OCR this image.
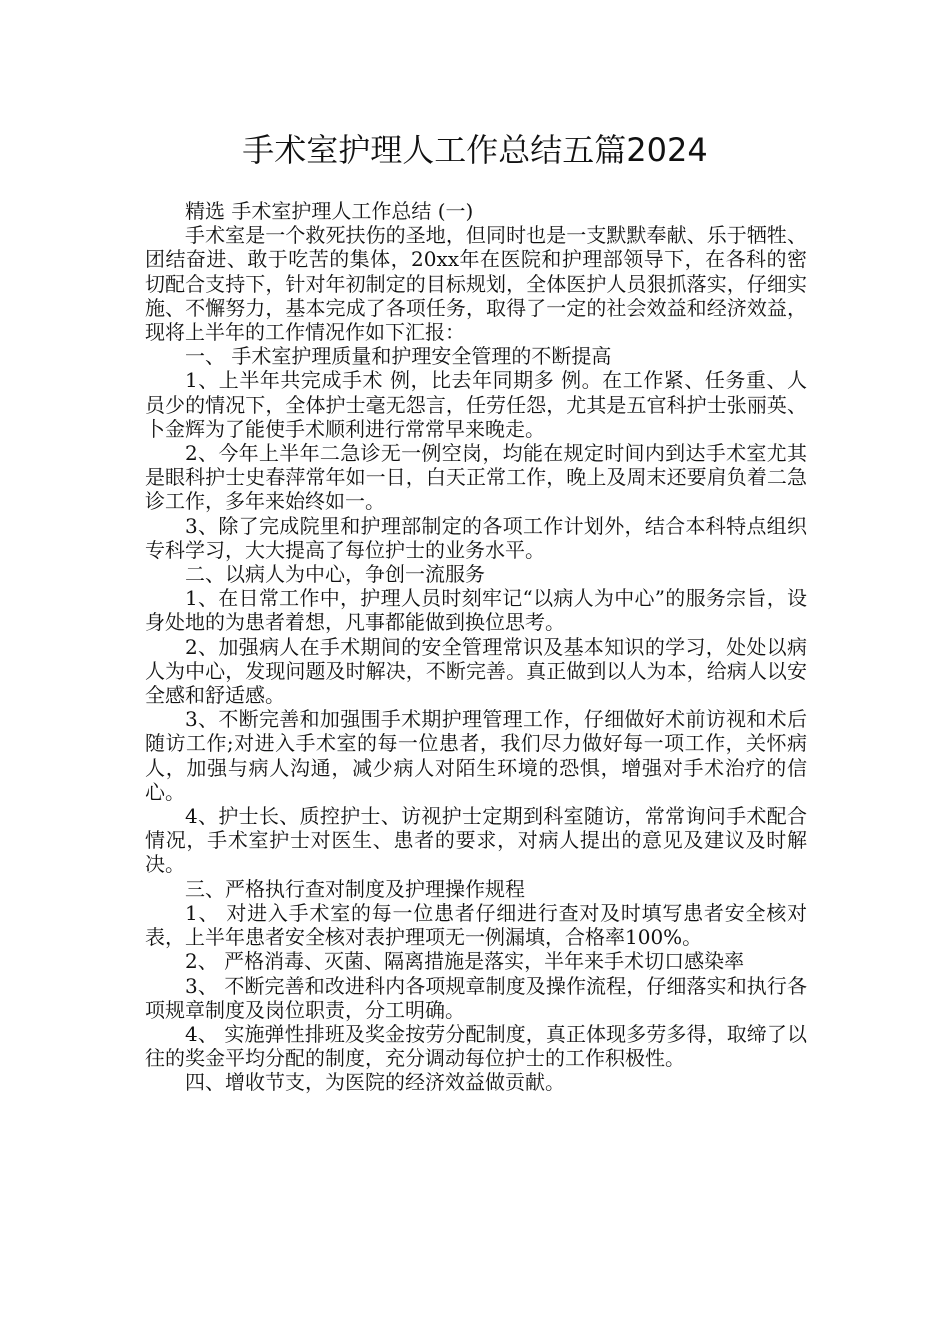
手术室护理人工作总结五篇2024

精选 手术室护理人工作总结 (一)

手术室是一个救死扶伤的圣地，但同时也是一支默默奉献、乐于牺牲、团结奋进、敢于吃苦的集体，20xx年在医院和护理部领导下，在各科的密切配合支持下，针对年初制定的目标规划，全体医护人员狠抓落实，仔细实施、不懈努力，基本完成了各项任务，取得了一定的社会效益和经济效益，现将上半年的工作情况作如下汇报：

一、 手术室护理质量和护理安全管理的不断提高

1、上半年共完成手术 例，比去年同期多 例。在工作紧、任务重、人员少的情况下，全体护士毫无怨言，任劳任怨，尤其是五官科护士张丽英、卜金辉为了能使手术顺利进行常常早来晚走。

2、今年上半年二急诊无一例空岗，均能在规定时间内到达手术室尤其是眼科护士史春萍常年如一日，白天正常工作，晚上及周末还要肩负着二急诊工作，多年来始终如一。

3、除了完成院里和护理部制定的各项工作计划外，结合本科特点组织专科学习，大大提高了每位护士的业务水平。

二、以病人为中心，争创一流服务

1、在日常工作中，护理人员时刻牢记“以病人为中心”的服务宗旨，设身处地的为患者着想，凡事都能做到换位思考。

2、加强病人在手术期间的安全管理常识及基本知识的学习，处处以病人为中心，发现问题及时解决，不断完善。真正做到以人为本，给病人以安全感和舒适感。

3、不断完善和加强围手术期护理管理工作，仔细做好术前访视和术后随访工作;对进入手术室的每一位患者，我们尽力做好每一项工作，关怀病人，加强与病人沟通，减少病人对陌生环境的恐惧，增强对手术治疗的信心。

4、护士长、质控护士、访视护士定期到科室随访，常常询问手术配合情况，手术室护士对医生、患者的要求，对病人提出的意见及建议及时解决。

三、严格执行查对制度及护理操作规程

1、 对进入手术室的每一位患者仔细进行查对及时填写患者安全核对表，上半年患者安全核对表护理项无一例漏填，合格率100%。

2、 严格消毒、灭菌、隔离措施是落实，半年来手术切口感染率

3、 不断完善和改进科内各项规章制度及操作流程，仔细落实和执行各项规章制度及岗位职责，分工明确。

4、 实施弹性排班及奖金按劳分配制度，真正体现多劳多得，取缔了以往的奖金平均分配的制度，充分调动每位护士的工作积极性。

四、增收节支，为医院的经济效益做贡献。
